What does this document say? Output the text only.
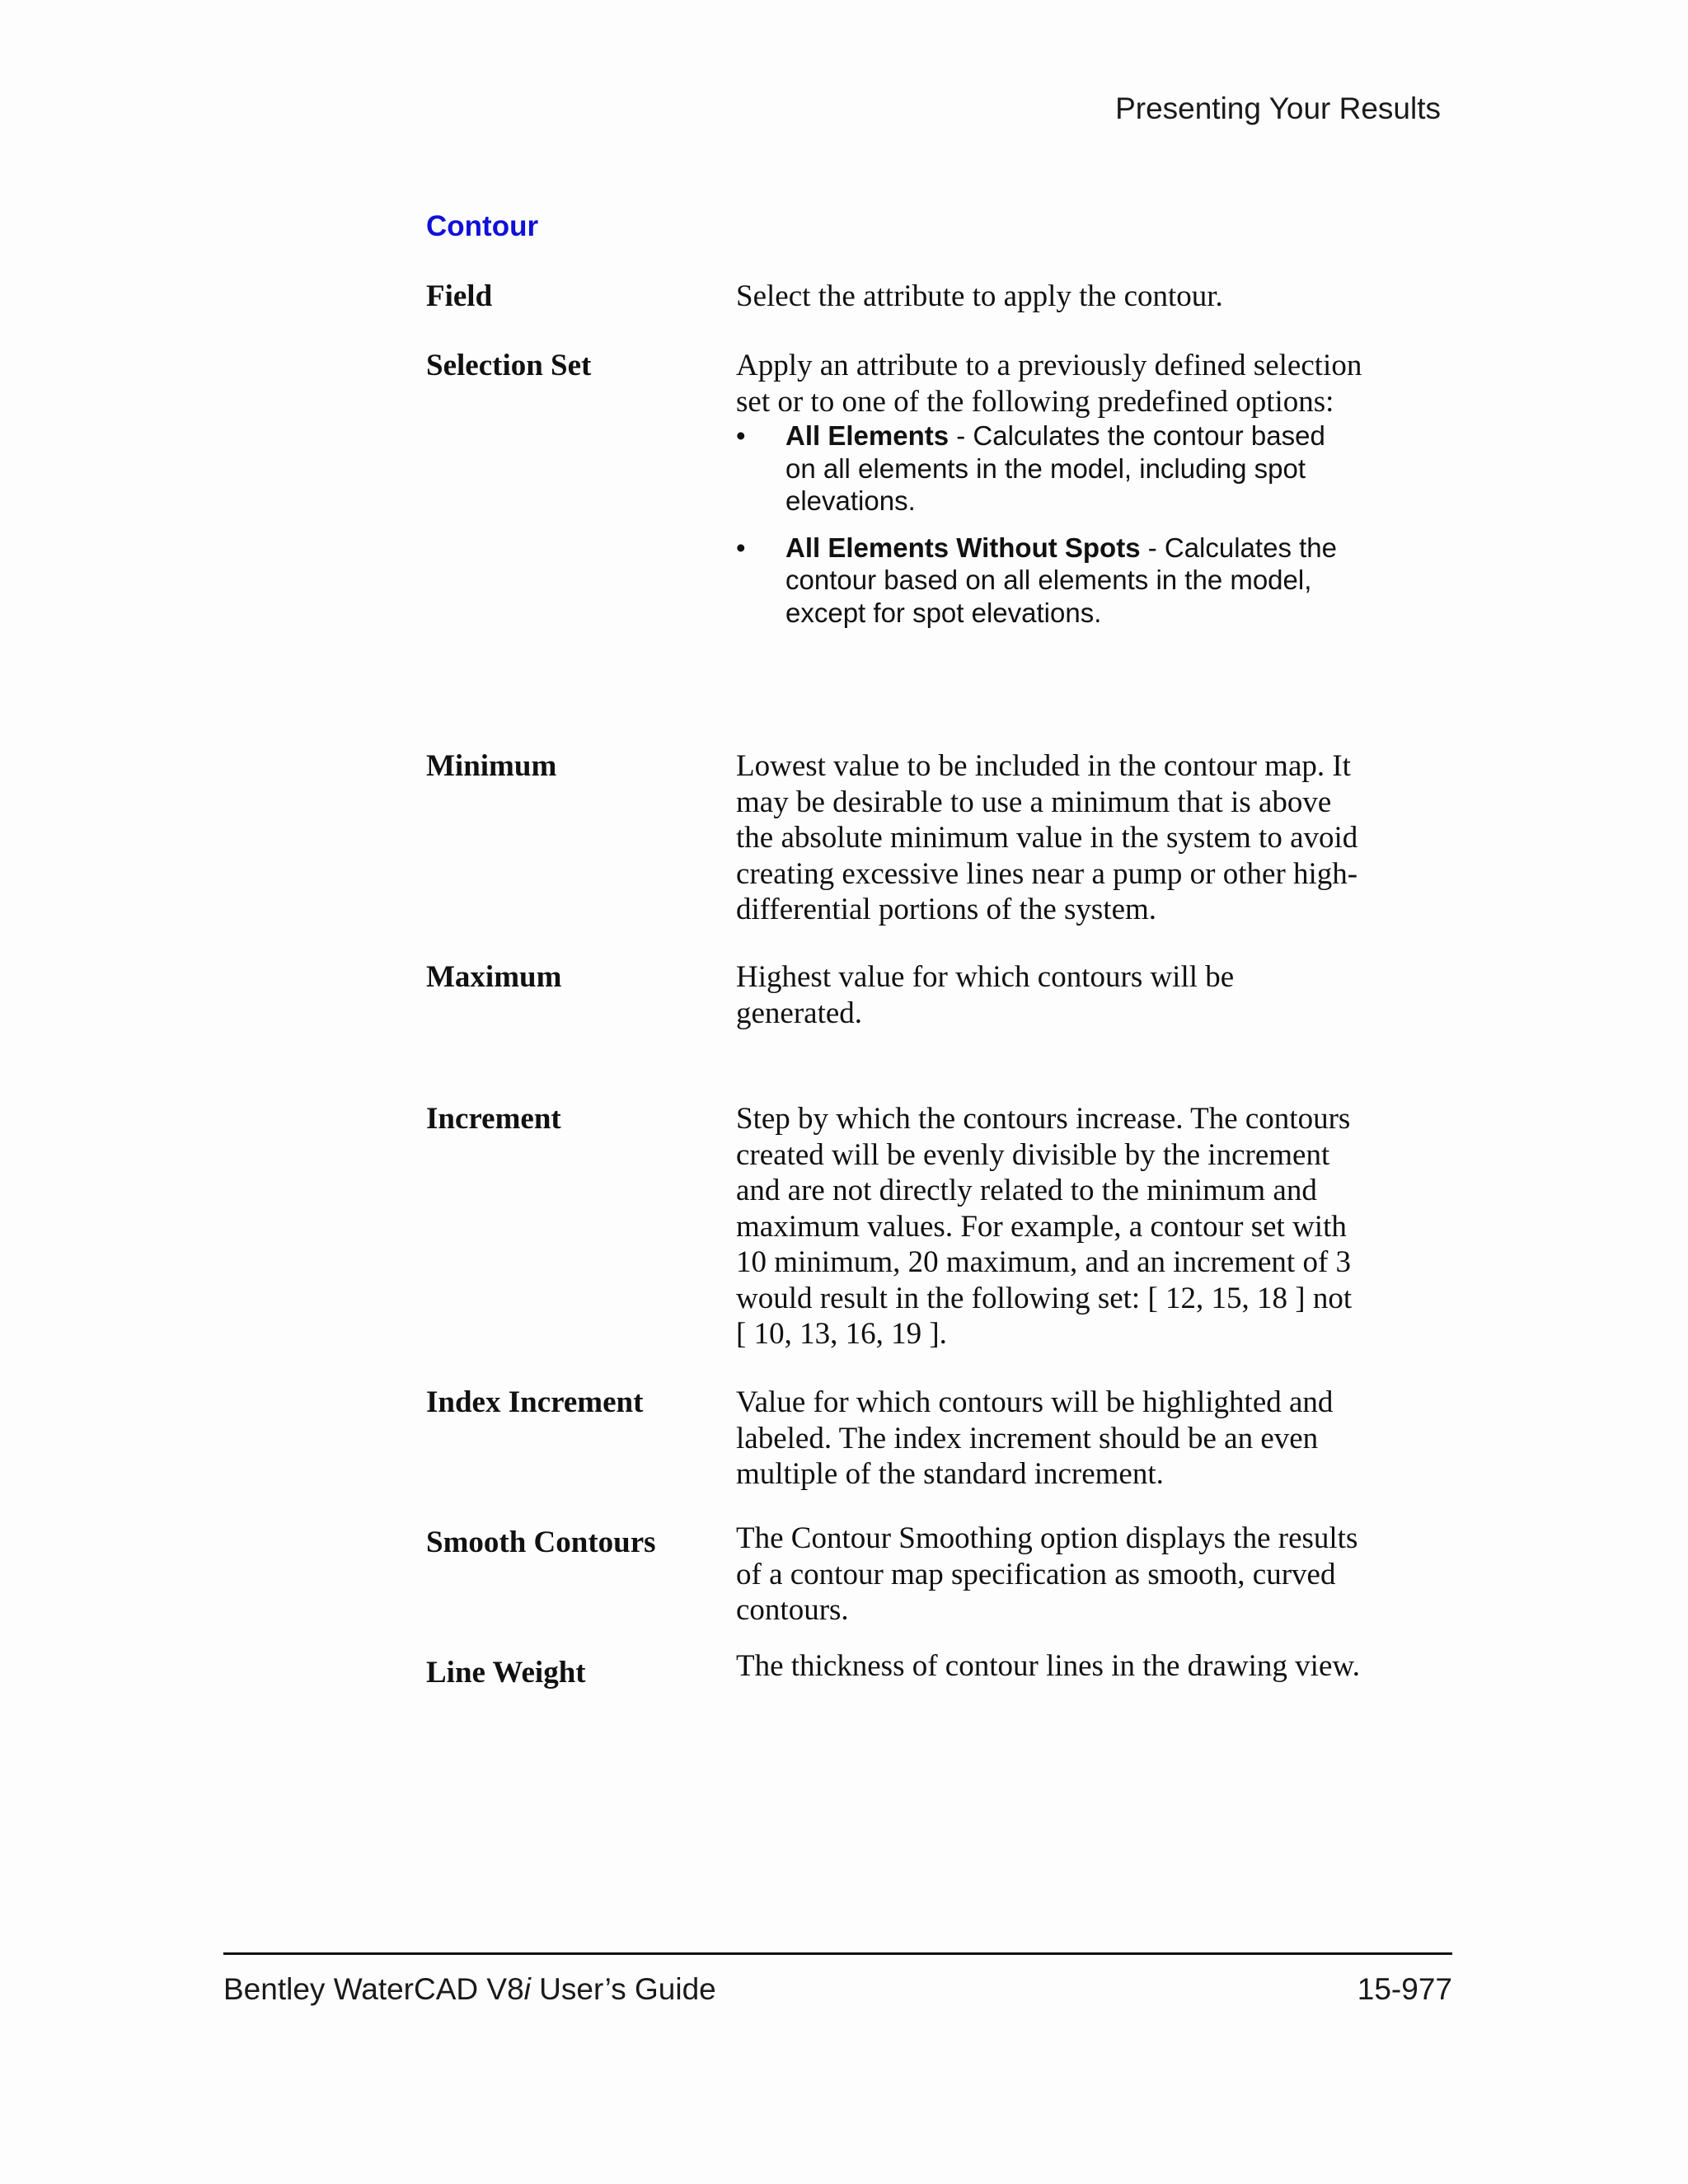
Presenting Your Results
Contour
Field	Select the attribute to apply the contour.

Selection Set	Apply an attribute to a previously defined selection set or to one of the following predefined options:

• All Elements - Calculates the contour based on all elements in the model, including spot elevations.
• All Elements Without Spots - Calculates the contour based on all elements in the model, except for spot elevations.
Minimum	Lowest value to be included in the contour map. It may be desirable to use a minimum that is above the absolute minimum value in the system to avoid creating excessive lines near a pump or other high-differential portions of the system.

Maximum	Highest value for which contours will be generated.

Increment	Step by which the contours increase. The contours created will be evenly divisible by the increment and are not directly related to the minimum and maximum values. For example, a contour set with 10 minimum, 20 maximum, and an increment of 3 would result in the following set: [ 12, 15, 18 ] not [ 10, 13, 16, 19 ].

Index Increment	Value for which contours will be highlighted and labeled. The index increment should be an even multiple of the standard increment.

Smooth Contours	The Contour Smoothing option displays the results of a contour map specification as smooth, curved contours.

Line Weight	The thickness of contour lines in the drawing view.

Bentley WaterCAD V8i User’s Guide	15-977
